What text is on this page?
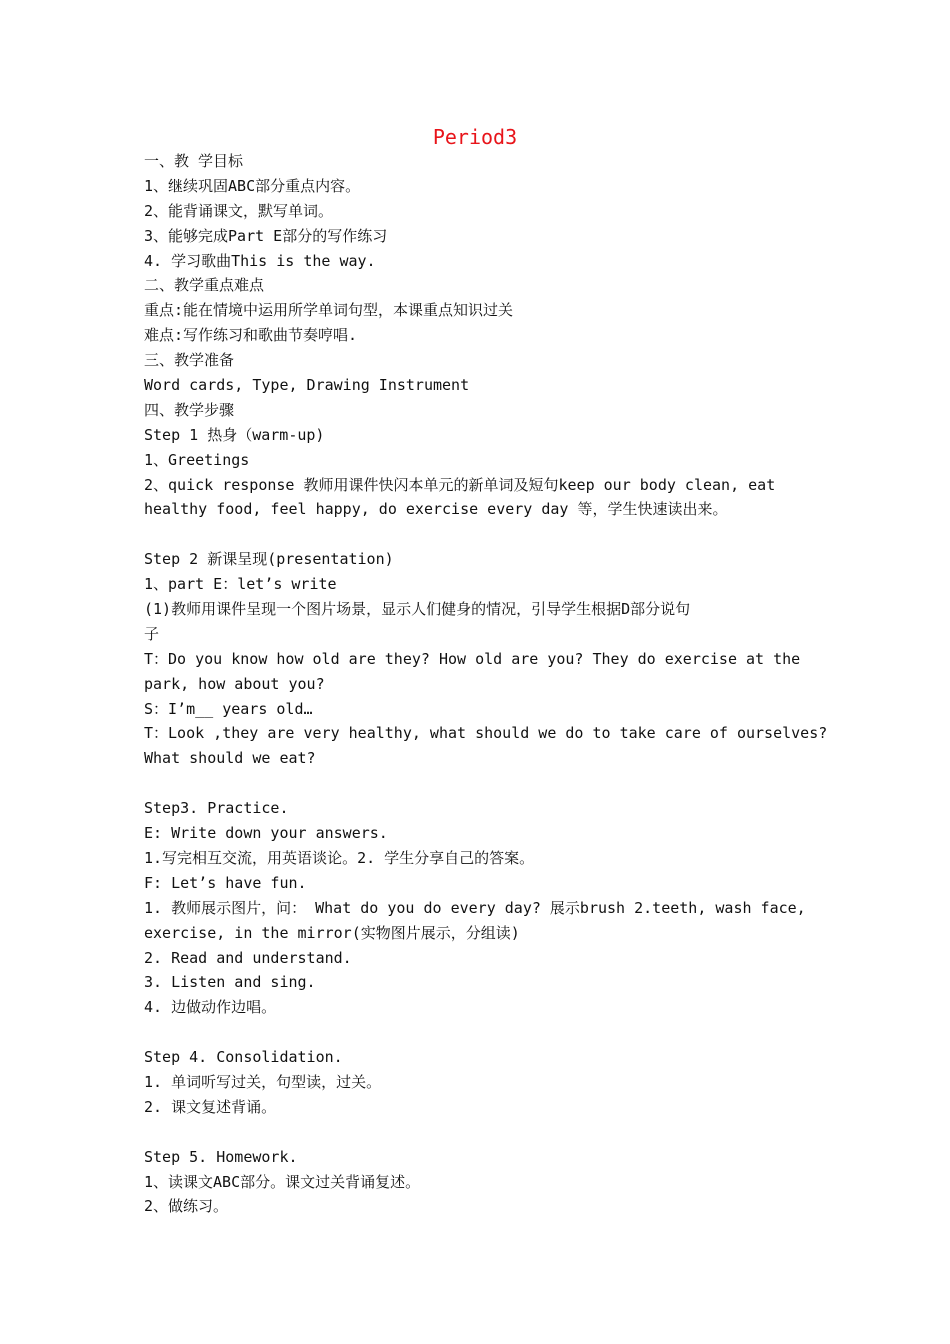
Period3
一、教 学目标
1、继续巩固ABC部分重点内容。
2、能背诵课文，默写单词。
3、能够完成Part E部分的写作练习
4. 学习歌曲This is the way.
二、教学重点难点
重点:能在情境中运用所学单词句型，本课重点知识过关
难点:写作练习和歌曲节奏哼唱.
三、教学准备
Word cards, Type, Drawing Instrument
四、教学步骤
Step 1 热身（warm-up)
1、Greetings
2、quick response 教师用课件快闪本单元的新单词及短句keep our body clean, eat
healthy food, feel happy, do exercise every day 等，学生快速读出来。
Step 2 新课呈现(presentation)
1、part E：let’s write
(1)教师用课件呈现一个图片场景，显示人们健身的情况，引导学生根据D部分说句
子
T：Do you know how old are they? How old are you? They do exercise at the
park, how about you?
S：I’m__ years old…
T：Look ,they are very healthy, what should we do to take care of ourselves?
What should we eat?
Step3. Practice.
E: Write down your answers.
1.写完相互交流，用英语谈论。2. 学生分享自己的答案。
F: Let’s have fun.
1. 教师展示图片，问： What do you do every day? 展示brush 2.teeth, wash face,
exercise, in the mirror(实物图片展示，分组读)
2. Read and understand.
3. Listen and sing.
4. 边做动作边唱。
Step 4. Consolidation.
1. 单词听写过关，句型读，过关。
2. 课文复述背诵。
Step 5. Homework.
1、读课文ABC部分。课文过关背诵复述。
2、做练习。
